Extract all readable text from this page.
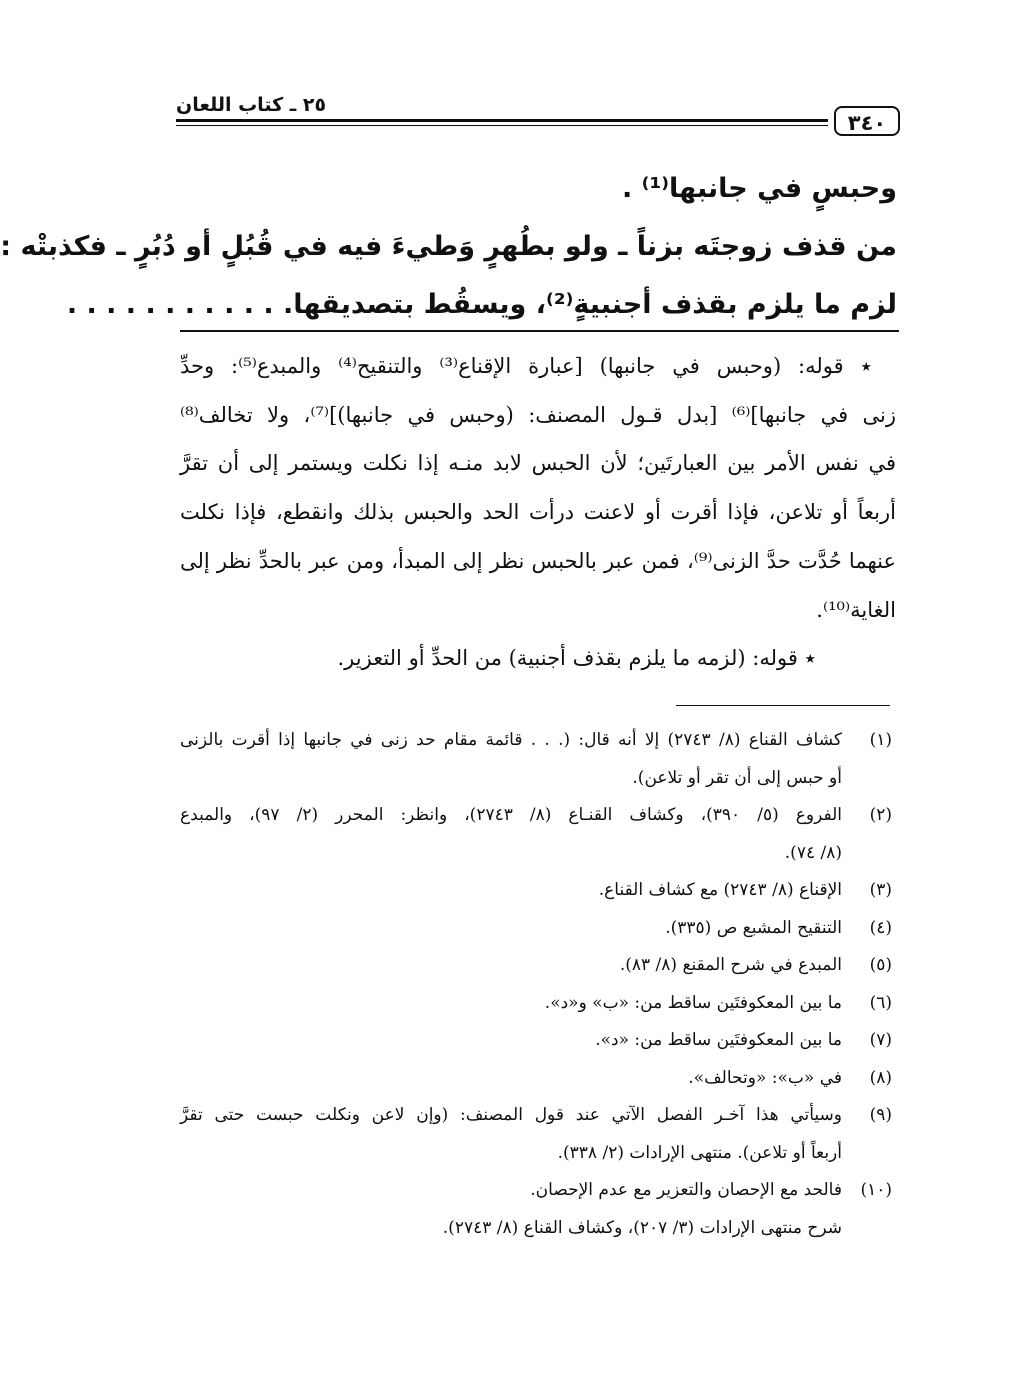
٣٤٠
٢٥ ـ كتاب اللعان
وحبسٍ في جانبها⁽¹⁾ .
من قذف زوجتَه بزناً ـ ولو بطُهرٍ وَطيءَ فيه في قُبُلٍ أو دُبُرٍ ـ فكذبتْه :
لزم ما يلزم بقذف أجنبيةٍ⁽²⁾، ويسقُط بتصديقها. . . . . . . . . . . .
٭ قوله: (وحبس في جانبها) [عبارة الإقناع⁽³⁾ والتنقيح⁽⁴⁾ والمبدع⁽⁵⁾: وحدِّ
زنى في جانبها]⁽⁶⁾ [بدل قـول المصنف: (وحبس في جانبها)]⁽⁷⁾، ولا تخالف⁽⁸⁾
في نفس الأمر بين العبارتَين؛ لأن الحبس لابد منـه إذا نكلت ويستمر إلى أن تقرَّ
أربعاً أو تلاعن، فإذا أقرت أو لاعنت درأت الحد والحبس بذلك وانقطع، فإذا نكلت
عنهما حُدَّت حدَّ الزنى⁽⁹⁾، فمن عبر بالحبس نظر إلى المبدأ، ومن عبر بالحدِّ نظر إلى
الغاية⁽¹⁰⁾.
٭ قوله: (لزمه ما يلزم بقذف أجنبية) من الحدِّ أو التعزير.
(١)
كشاف القناع (٨/ ٢٧٤٣) إلا أنه قال: (. . . قائمة مقام حد زنى في جانبها إذا أقرت بالزنى
أو حبس إلى أن تقر أو تلاعن).
(٢)
الفروع (٥/ ٣٩٠)، وكشاف القنـاع (٨/ ٢٧٤٣)، وانظر: المحرر (٢/ ٩٧)، والمبدع
(٨/ ٧٤).
(٣)
الإقناع (٨/ ٢٧٤٣) مع كشاف القناع.
(٤)
التنقيح المشبع ص (٣٣٥).
(٥)
المبدع في شرح المقنع (٨/ ٨٣).
(٦)
ما بين المعكوفتَين ساقط من: «ب» و«د».
(٧)
ما بين المعكوفتَين ساقط من: «د».
(٨)
في «ب»: «وتحالف».
(٩)
وسيأتي هذا آخـر الفصل الآتي عند قول المصنف: (وإن لاعن ونكلت حبست حتى تقرَّ
أربعاً أو تلاعن). منتهى الإرادات (٢/ ٣٣٨).
(١٠)
فالحد مع الإحصان والتعزير مع عدم الإحصان.
شرح منتهى الإرادات (٣/ ٢٠٧)، وكشاف القناع (٨/ ٢٧٤٣).
